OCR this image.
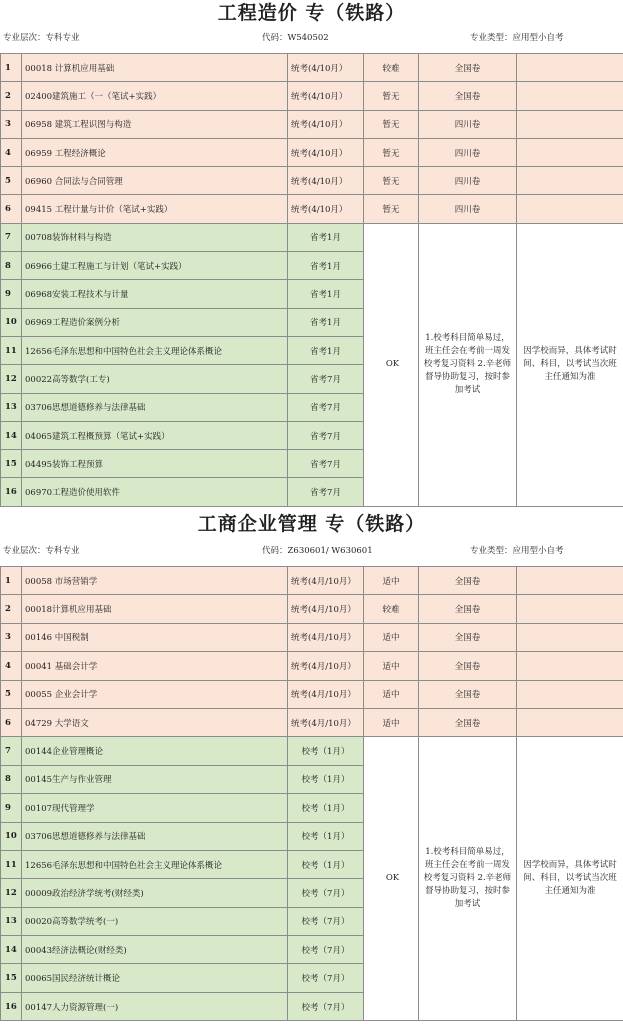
工程造价 专（铁路）
专业层次：专科专业	代码：W540502	专业类型：应用型小自考
1	00018 计算机应用基础	统考(4/10月）	较难	全国卷	
2	02400建筑施工（一（笔试+实践）	统考(4/10月）	暂无	全国卷	
3	06958 建筑工程识图与构造	统考(4/10月）	暂无	四川卷	
4	06959 工程经济概论	统考(4/10月）	暂无	四川卷	
5	06960 合同法与合同管理	统考(4/10月）	暂无	四川卷	
6	09415 工程计量与计价（笔试+实践）	统考(4/10月）	暂无	四川卷	
7	00708装饰材料与构造	省考1月	OK	1.校考科目简单易过，班主任会在考前一周发校考复习资料 2.辛老师督导协助复习，按时参加考试	因学校而异，具体考试时间、科目，以考试当次班主任通知为准
8	06966土建工程施工与计划（笔试+实践）	省考1月			
9	06968安装工程技术与计量	省考1月			
10	06969工程造价案例分析	省考1月			
11	12656毛泽东思想和中国特色社会主义理论体系概论	省考1月			
12	00022高等数学(工专)	省考7月			
13	03706思想道德修养与法律基础	省考7月			
14	04065建筑工程概预算（笔试+实践）	省考7月			
15	04495装饰工程预算	省考7月			
16	06970工程造价使用软件	省考7月			
工商企业管理 专（铁路）
专业层次：专科专业	代码：Z630601/ W630601	专业类型：应用型小自考
1	00058 市场营销学	统考(4月/10月）	适中	全国卷	
2	00018计算机应用基础	统考(4月/10月）	较难	全国卷	
3	00146 中国税制	统考(4月/10月）	适中	全国卷	
4	00041 基础会计学	统考(4月/10月）	适中	全国卷	
5	00055 企业会计学	统考(4月/10月）	适中	全国卷	
6	04729 大学语文	统考(4月/10月）	适中	全国卷	
7	00144企业管理概论	校考（1月）	OK	1.校考科目简单易过，班主任会在考前一周发校考复习资料 2.辛老师督导协助复习，按时参加考试	因学校而异，具体考试时间、科目，以考试当次班主任通知为准
8	00145生产与作业管理	校考（1月）			
9	00107现代管理学	校考（1月）			
10	03706思想道德修养与法律基础	校考（1月）			
11	12656毛泽东思想和中国特色社会主义理论体系概论	校考（1月）			
12	00009政治经济学统考(财经类)	校考（7月）			
13	00020高等数学统考(一)	校考（7月）			
14	00043经济法概论(财经类)	校考（7月）			
15	00065国民经济统计概论	校考（7月）			
16	00147人力资源管理(一)	校考（7月）			
